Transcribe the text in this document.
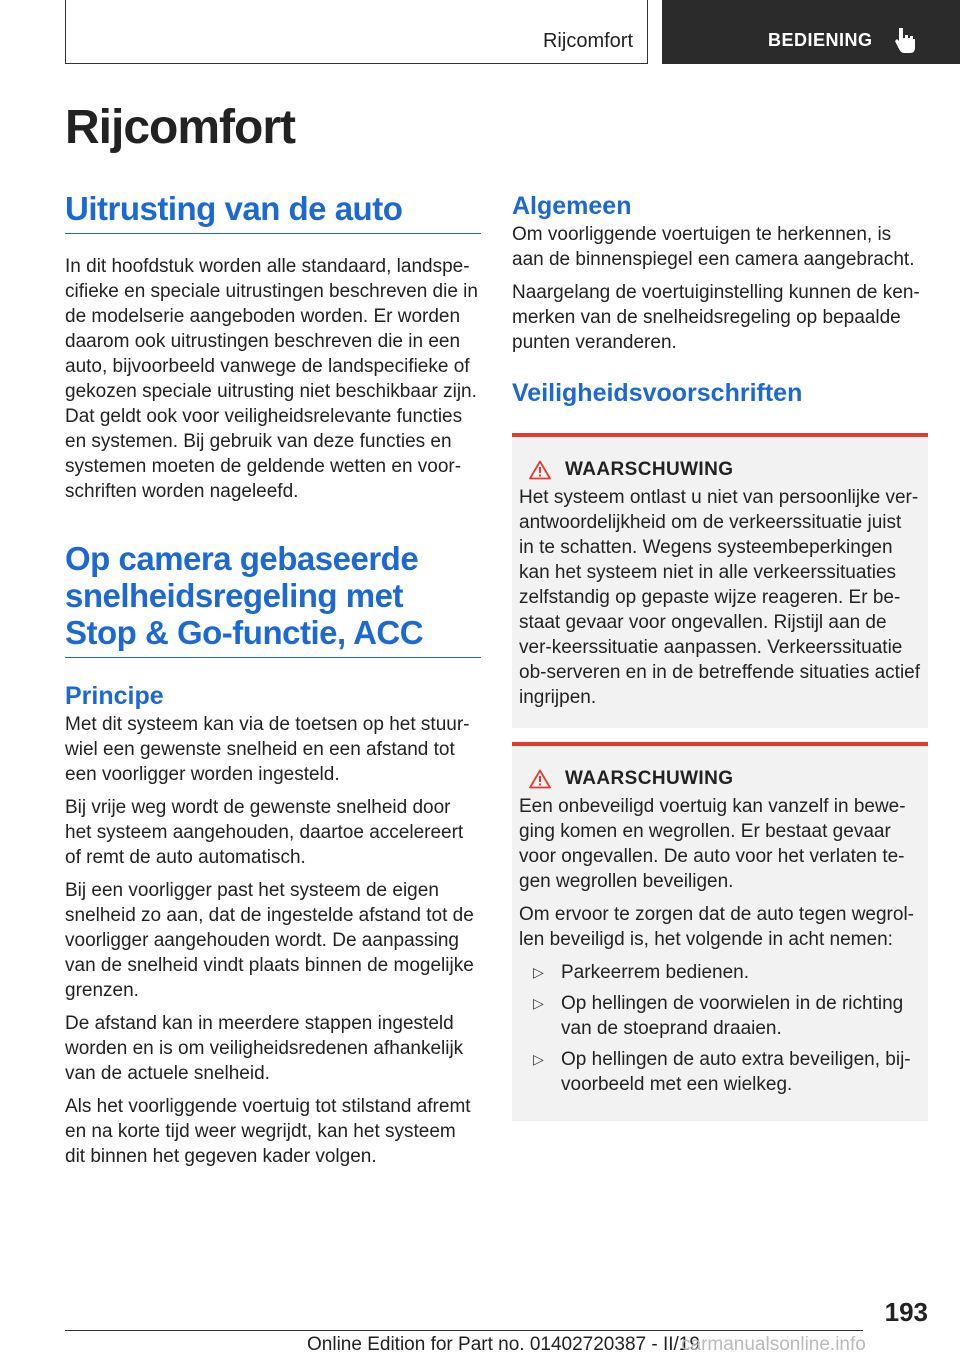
Rijcomfort	BEDIENING
Rijcomfort
Uitrusting van de auto

In dit hoofdstuk worden alle standaard, landspe-cifieke en speciale uitrustingen beschreven die in de modelserie aangeboden worden. Er worden daarom ook uitrustingen beschreven die in een auto, bijvoorbeeld vanwege de landspecifieke of gekozen speciale uitrusting niet beschikbaar zijn. Dat geldt ook voor veiligheidsrelevante functies en systemen. Bij gebruik van deze functies en systemen moeten de geldende wetten en voor-schriften worden nageleefd.

Op camera gebaseerde snelheidsregeling met Stop & Go-functie, ACC
Principe

Met dit systeem kan via de toetsen op het stuur-wiel een gewenste snelheid en een afstand tot een voorligger worden ingesteld.

Bij vrije weg wordt de gewenste snelheid door het systeem aangehouden, daartoe accelereert of remt de auto automatisch.

Bij een voorligger past het systeem de eigen snelheid zo aan, dat de ingestelde afstand tot de voorligger aangehouden wordt. De aanpassing van de snelheid vindt plaats binnen de mogelijke grenzen.

De afstand kan in meerdere stappen ingesteld worden en is om veiligheidsredenen afhankelijk van de actuele snelheid.

Als het voorliggende voertuig tot stilstand afremt en na korte tijd weer wegrijdt, kan het systeem dit binnen het gegeven kader volgen.

Algemeen

Om voorliggende voertuigen te herkennen, is aan de binnenspiegel een camera aangebracht.

Naargelang de voertuiginstelling kunnen de ken-merken van de snelheidsregeling op bepaalde punten veranderen.

Veiligheidsvoorschriften
WAARSCHUWING

Het systeem ontlast u niet van persoonlijke ver-antwoordelijkheid om de verkeerssituatie juist in te schatten. Wegens systeembeperkingen kan het systeem niet in alle verkeerssituaties zelfstandig op gepaste wijze reageren. Er be-staat gevaar voor ongevallen. Rijstijl aan de ver-keerssituatie aanpassen. Verkeerssituatie ob-serveren en in de betreffende situaties actief ingrijpen.

WAARSCHUWING

Een onbeveiligd voertuig kan vanzelf in bewe-ging komen en wegrollen. Er bestaat gevaar voor ongevallen. De auto voor het verlaten te-gen wegrollen beveiligen.

Om ervoor te zorgen dat de auto tegen wegrol-len beveiligd is, het volgende in acht nemen:

▷ Parkeerrem bedienen.
▷ Op hellingen de voorwielen in de richting van de stoeprand draaien.
▷ Op hellingen de auto extra beveiligen, bij-voorbeeld met een wielkeg.
193
Online Edition for Part no. 01402720387 - II/19
carmanualsonline.info
